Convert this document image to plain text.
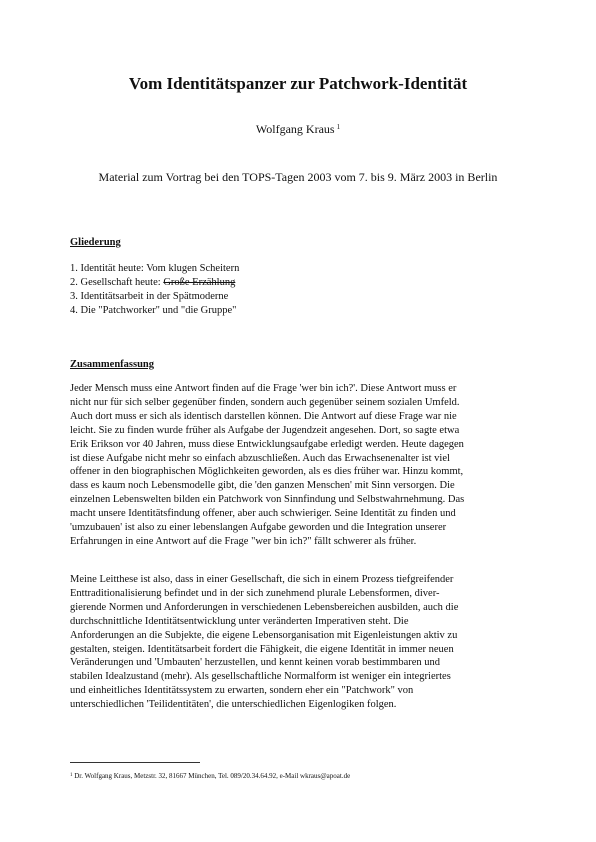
Vom Identitätspanzer zur Patchwork-Identität
Wolfgang Kraus $^1$
Material zum Vortrag bei den TOPS-Tagen 2003 vom 7. bis 9. März 2003 in Berlin
Gliederung
1. Identität heute: Vom klugen Scheitern
2. Gesellschaft heute: Große Erzählung
3. Identitätsarbeit in der Spätmoderne
4. Die "Patchworker" und "die Gruppe"
Zusammenfassung

Jeder Mensch muss eine Antwort finden auf die Frage 'wer bin ich?'. Diese Antwort muss er
nicht nur für sich selber gegenüber finden, sondern auch gegenüber seinem sozialen Umfeld.
Auch dort muss er sich als identisch darstellen können. Die Antwort auf diese Frage war nie
leicht. Sie zu finden wurde früher als Aufgabe der Jugendzeit angesehen. Dort, so sagte etwa
Erik Erikson vor 40 Jahren, muss diese Entwicklungsaufgabe erledigt werden. Heute dagegen
ist diese Aufgabe nicht mehr so einfach abzuschließen. Auch das Erwachsenenalter ist viel
offener in den biographischen Möglichkeiten geworden, als es dies früher war. Hinzu kommt,
dass es kaum noch Lebensmodelle gibt, die 'den ganzen Menschen' mit Sinn versorgen. Die
einzelnen Lebenswelten bilden ein Patchwork von Sinnfindung und Selbstwahrnehmung. Das
macht unsere Identitätsfindung offener, aber auch schwieriger. Seine Identität zu finden und
'umzubauen' ist also zu einer lebenslangen Aufgabe geworden und die Integration unserer
Erfahrungen in eine Antwort auf die Frage "wer bin ich?" fällt schwerer als früher.

Meine Leitthese ist also, dass in einer Gesellschaft, die sich in einem Prozess tiefgreifender
Enttraditionalisierung befindet und in der sich zunehmend plurale Lebensformen, diver-
gierende Normen und Anforderungen in verschiedenen Lebensbereichen ausbilden, auch die
durchschnittliche Identitätsentwicklung unter veränderten Imperativen steht. Die
Anforderungen an die Subjekte, die eigene Lebensorganisation mit Eigenleistungen aktiv zu
gestalten, steigen. Identitätsarbeit fordert die Fähigkeit, die eigene Identität in immer neuen
Veränderungen und 'Umbauten' herzustellen, und kennt keinen vorab bestimmbaren und
stabilen Idealzustand (mehr). Als gesellschaftliche Normalform ist weniger ein integriertes
und einheitliches Identitätssystem zu erwarten, sondern eher ein "Patchwork" von
unterschiedlichen 'Teilidentitäten', die unterschiedlichen Eigenlogiken folgen.

$^1$ Dr. Wolfgang Kraus, Metzstr. 32, 81667 München, Tel. 089/20.34.64.92, e-Mail wkraus@apoat.de
